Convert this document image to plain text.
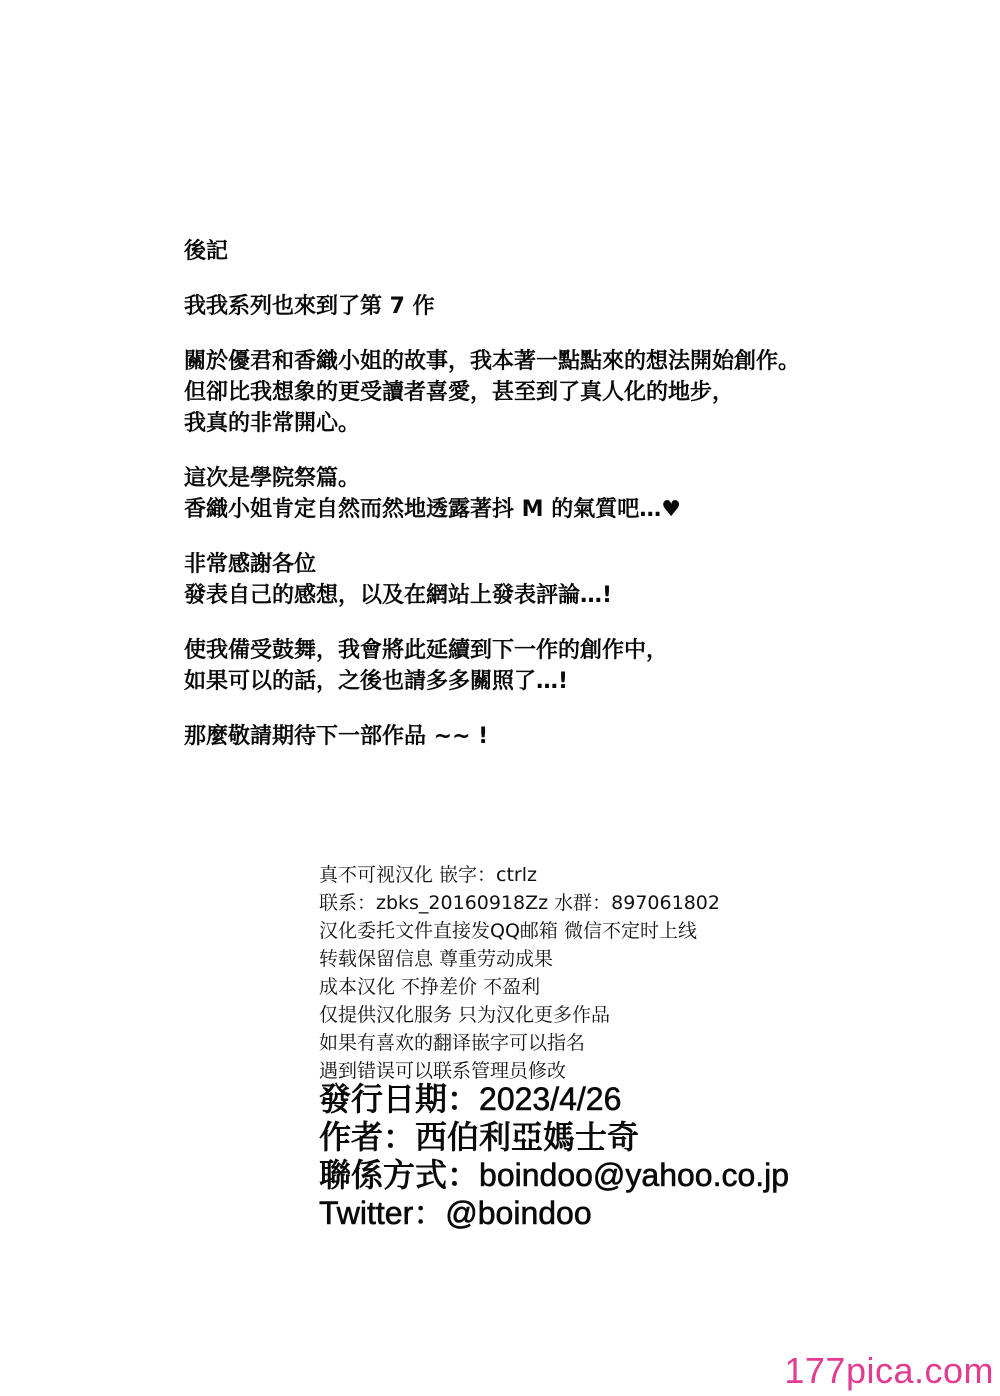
後記

我我系列也來到了第 7 作

關於優君和香織小姐的故事，我本著一點點來的想法開始創作。
但卻比我想象的更受讀者喜愛，甚至到了真人化的地步，
我真的非常開心。

這次是學院祭篇。
香織小姐肯定自然而然地透露著抖 M 的氣質吧…♥

非常感謝各位
發表自己的感想，以及在網站上發表評論…!

使我備受鼓舞，我會將此延續到下一作的創作中，
如果可以的話，之後也請多多關照了…!

那麼敬請期待下一部作品 ~~ !

真不可视汉化 嵌字：ctrlz
联系：zbks_20160918Zz 水群：897061802
汉化委托文件直接发QQ邮箱 微信不定时上线
转载保留信息 尊重劳动成果
成本汉化 不挣差价 不盈利
仅提供汉化服务 只为汉化更多作品
如果有喜欢的翻译嵌字可以指名
遇到错误可以联系管理员修改
發行日期：2023/4/26
作者：西伯利亞媽士奇
聯係方式：boindoo@yahoo.co.jp
Twitter：@boindoo
177pica.com
